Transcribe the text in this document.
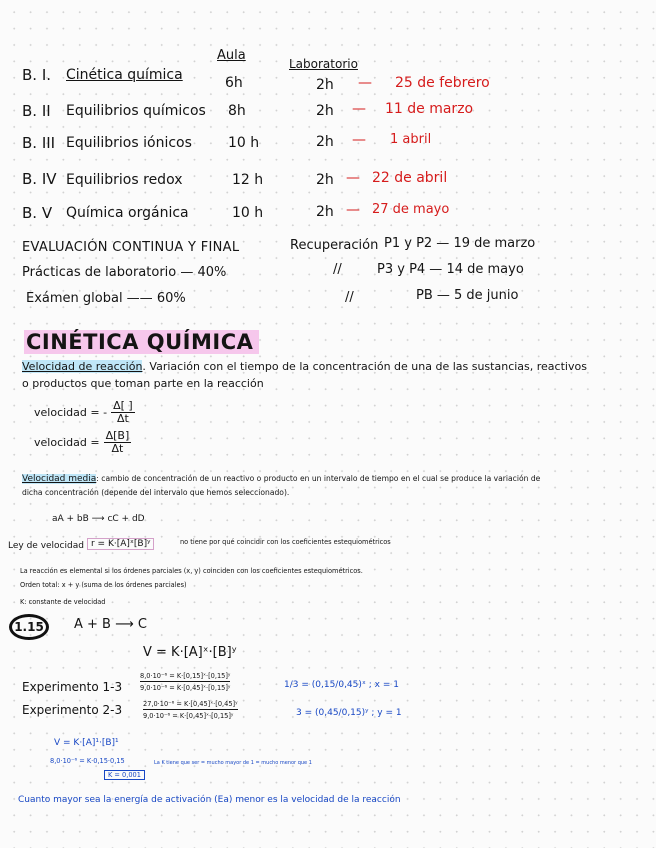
Aula
Laboratorio
B. I. Cinética química	6h	2h — 25 de febrero
B. II Equilibrios químicos 8h	2h — 11 de marzo
B. III Equilibrios iónicos	10 h	2h — 1 abril
B. IV Equilibrios redox	12 h	2h — 22 de abril
B. V Química orgánica	10 h	2h — 27 de mayo
EVALUACIÓN CONTINUA Y FINAL
Prácticas de laboratorio — 40%
Exámen global —— 60%
Recuperación P1 y P2 — 19 de marzo
//	P3 y P4 — 14 de mayo
//	PB — 5 de junio
CINÉTICA QUÍMICA
Velocidad de reacción. Variación con el tiempo de la concentración de una de las sustancias, reactivos
o productos que toman parte en la reacción
velocidad = - $\frac{\Delta[ ]}{\Delta t}$
velocidad = $\frac{\Delta[B]}{\Delta t}$
Velocidad media: cambio de concentración de un reactivo o producto en un intervalo de tiempo en el cual se produce la variación de
dicha concentración (depende del intervalo que hemos seleccionado).
aA + bB ⟶ cC + dD
Ley de velocidad r = K·[A]ˣ[B]ʸ	no tiene por qué coincidir con los coeficientes estequiométricos
La reacción es elemental si los órdenes parciales (x, y) coinciden con los coeficientes estequiométricos.
Orden total: x + y (suma de los órdenes parciales)
K: constante de velocidad
1.15 A + B ⟶ C
V = K·[A]ˣ·[B]ʸ
Experimento 1-3	$\frac{\text{8,0·10⁻⁶ = K·[0,15]ˣ·[0,15]ʸ}}{\text{9,0·10⁻⁶ = K·[0,45]ˣ·[0,15]ʸ}}$	1/3 = (0,15/0,45)ˣ ; x = 1
Experimento 2-3	$\frac{\text{27,0·10⁻⁶ = K·[0,45]ˣ·[0,45]ʸ}}{\text{9,0·10⁻⁶ = K·[0,45]ˣ·[0,15]ʸ}}$	3 = (0,45/0,15)ʸ ; y = 1
V = K·[A]¹·[B]¹
8,0·10⁻⁶ = K·0,15·0,15
K = 0,001
La K tiene que ser = mucho mayor de 1 = mucho menor que 1
Cuanto mayor sea la energía de activación (Ea) menor es la velocidad de la reacción
